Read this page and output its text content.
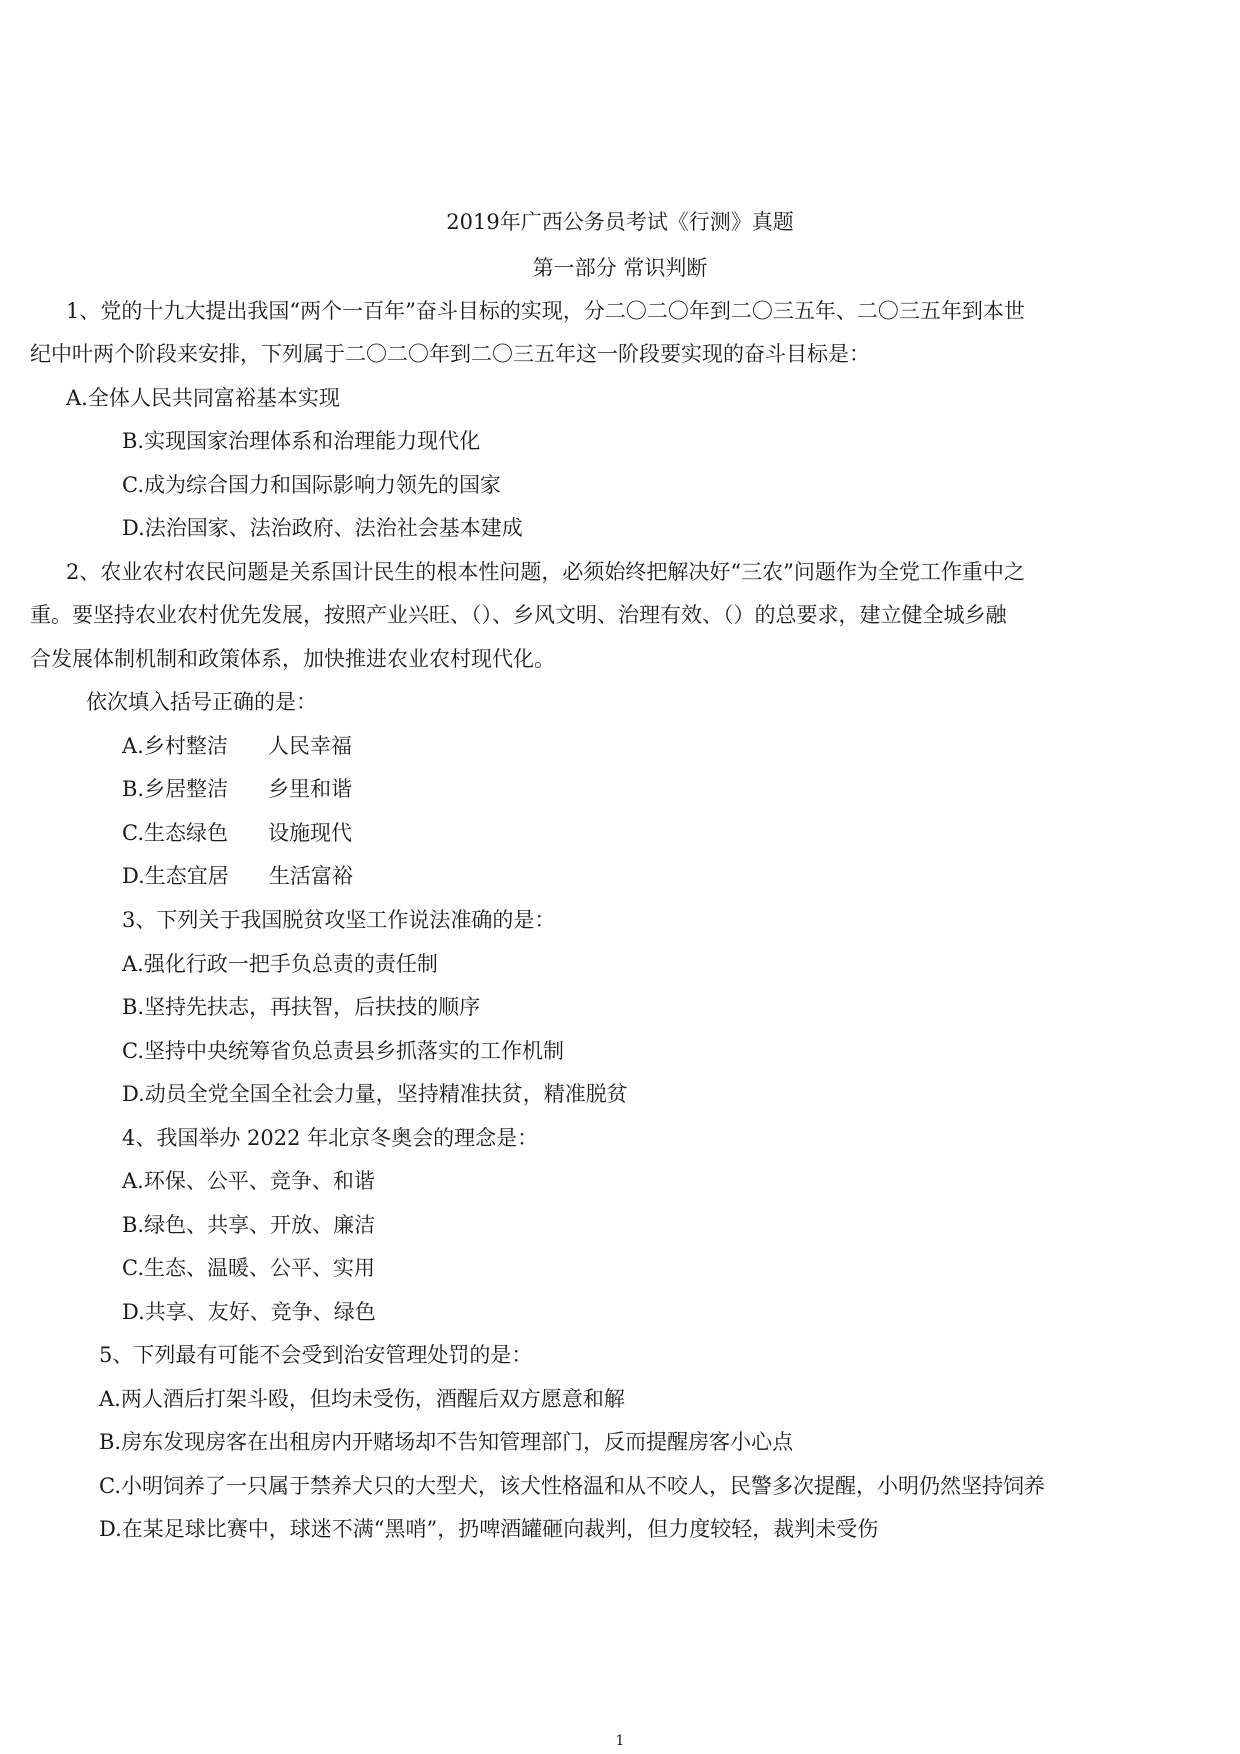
2019年广西公务员考试《行测》真题
第一部分 常识判断
1、党的十九大提出我国“两个一百年”奋斗目标的实现，分二〇二〇年到二〇三五年、二〇三五年到本世
纪中叶两个阶段来安排，下列属于二〇二〇年到二〇三五年这一阶段要实现的奋斗目标是：
A.全体人民共同富裕基本实现
B.实现国家治理体系和治理能力现代化
C.成为综合国力和国际影响力领先的国家
D.法治国家、法治政府、法治社会基本建成
2、农业农村农民问题是关系国计民生的根本性问题，必须始终把解决好“三农”问题作为全党工作重中之
重。要坚持农业农村优先发展，按照产业兴旺、（）、乡风文明、治理有效、（）的总要求，建立健全城乡融
合发展体制机制和政策体系，加快推进农业农村现代化。
依次填入括号正确的是：
A.乡村整洁      人民幸福
B.乡居整洁      乡里和谐
C.生态绿色      设施现代
D.生态宜居      生活富裕
3、下列关于我国脱贫攻坚工作说法准确的是：
A.强化行政一把手负总责的责任制
B.坚持先扶志，再扶智，后扶技的顺序
C.坚持中央统筹省负总责县乡抓落实的工作机制
D.动员全党全国全社会力量，坚持精准扶贫，精准脱贫
4、我国举办 2022 年北京冬奥会的理念是：
A.环保、公平、竞争、和谐
B.绿色、共享、开放、廉洁
C.生态、温暖、公平、实用
D.共享、友好、竞争、绿色
5、下列最有可能不会受到治安管理处罚的是：
A.两人酒后打架斗殴，但均未受伤，酒醒后双方愿意和解
B.房东发现房客在出租房内开赌场却不告知管理部门，反而提醒房客小心点
C.小明饲养了一只属于禁养犬只的大型犬，该犬性格温和从不咬人，民警多次提醒，小明仍然坚持饲养
D.在某足球比赛中，球迷不满“黑哨”，扔啤酒罐砸向裁判，但力度较轻，裁判未受伤
1
